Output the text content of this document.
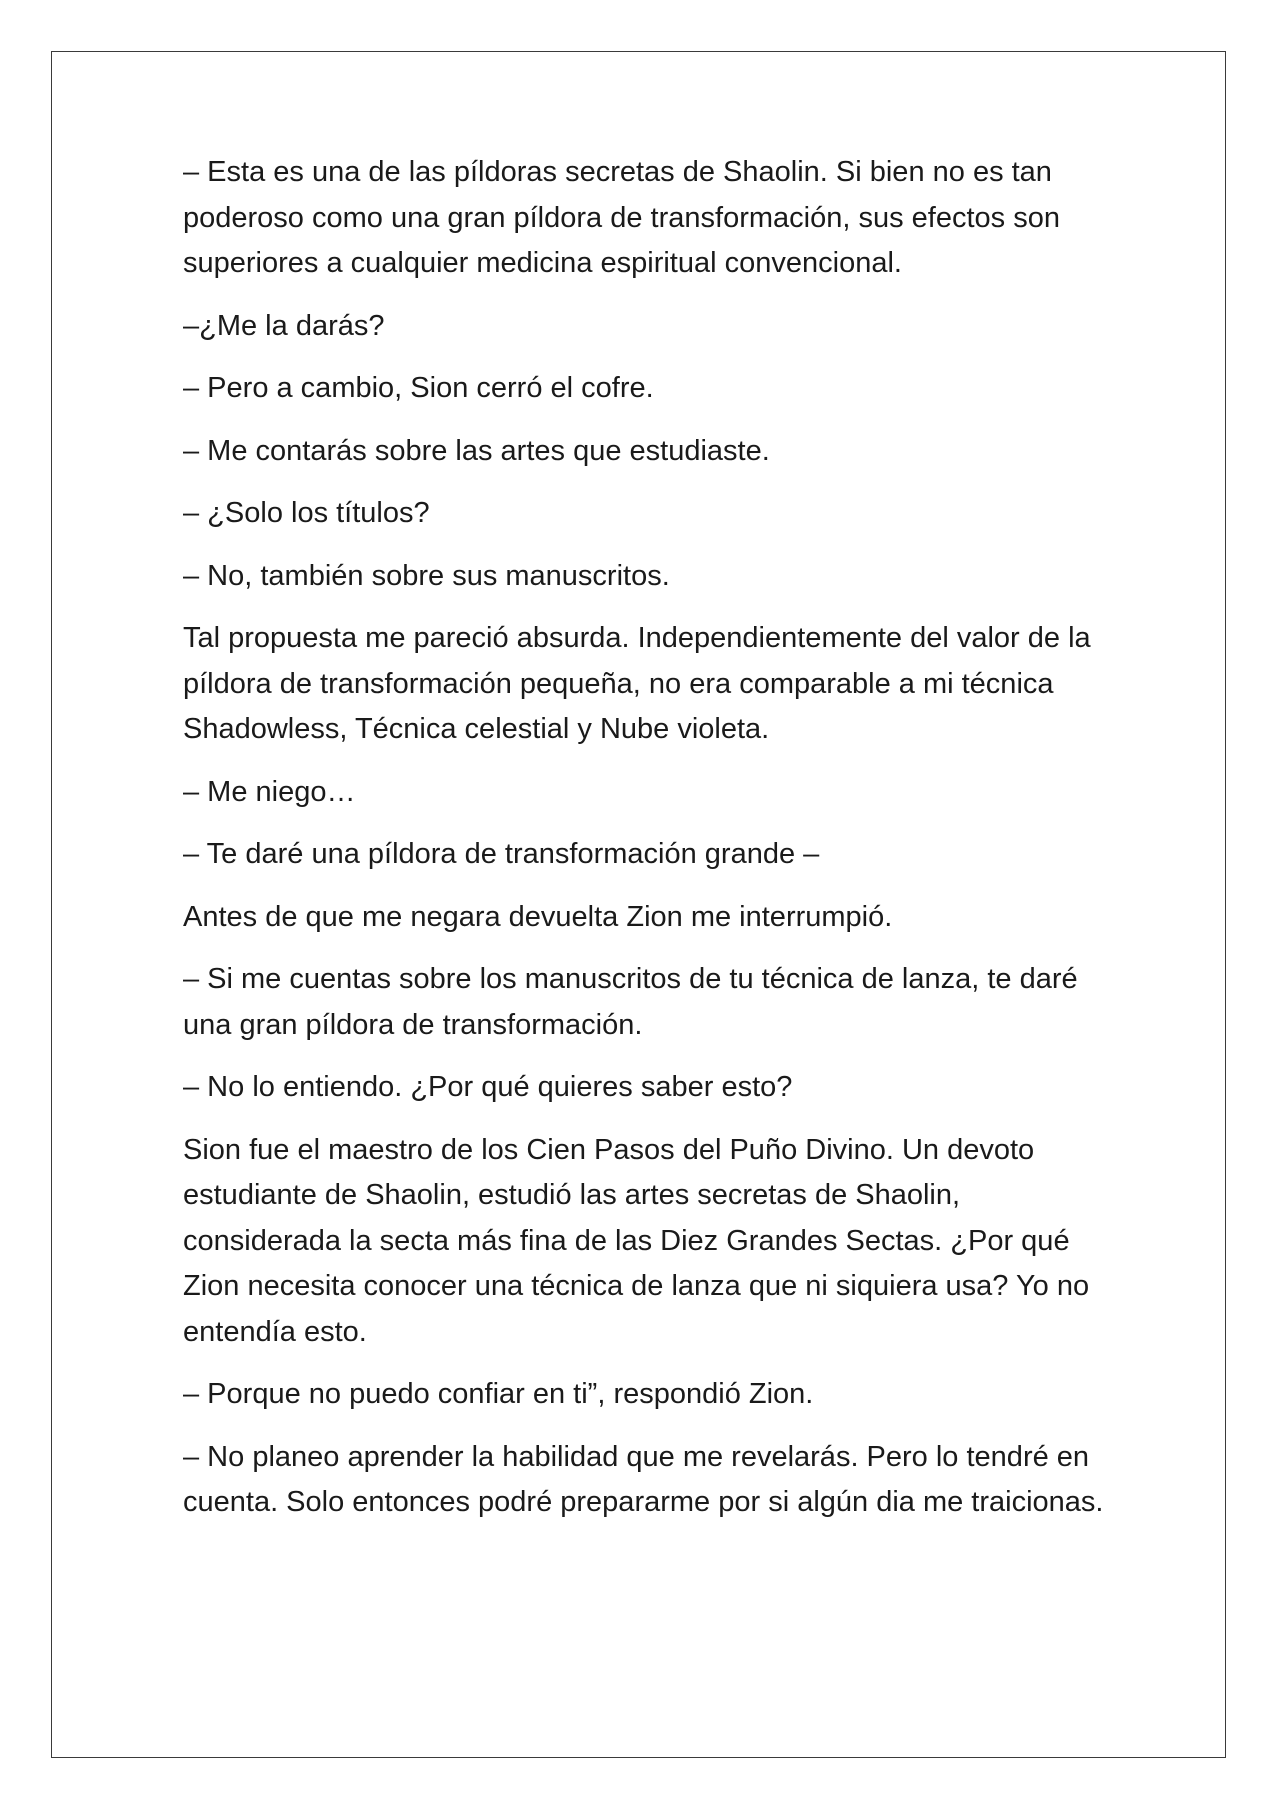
– Esta es una de las píldoras secretas de Shaolin. Si bien no es tan poderoso como una gran píldora de transformación, sus efectos son superiores a cualquier medicina espiritual convencional.

–¿Me la darás?

– Pero a cambio, Sion cerró el cofre.

– Me contarás sobre las artes que estudiaste.

– ¿Solo los títulos?

– No, también sobre sus manuscritos.

Tal propuesta me pareció absurda. Independientemente del valor de la píldora de transformación pequeña, no era comparable a mi técnica Shadowless, Técnica celestial y Nube violeta.

– Me niego…

– Te daré una píldora de transformación grande –

Antes de que me negara devuelta Zion me interrumpió.

– Si me cuentas sobre los manuscritos de tu técnica de lanza, te daré una gran píldora de transformación.

– No lo entiendo. ¿Por qué quieres saber esto?

Sion fue el maestro de los Cien Pasos del Puño Divino. Un devoto estudiante de Shaolin, estudió las artes secretas de Shaolin, considerada la secta más fina de las Diez Grandes Sectas. ¿Por qué Zion necesita conocer una técnica de lanza que ni siquiera usa? Yo no entendía esto.

– Porque no puedo confiar en ti”, respondió Zion.

– No planeo aprender la habilidad que me revelarás. Pero lo tendré en cuenta. Solo entonces podré prepararme por si algún dia me traicionas.
